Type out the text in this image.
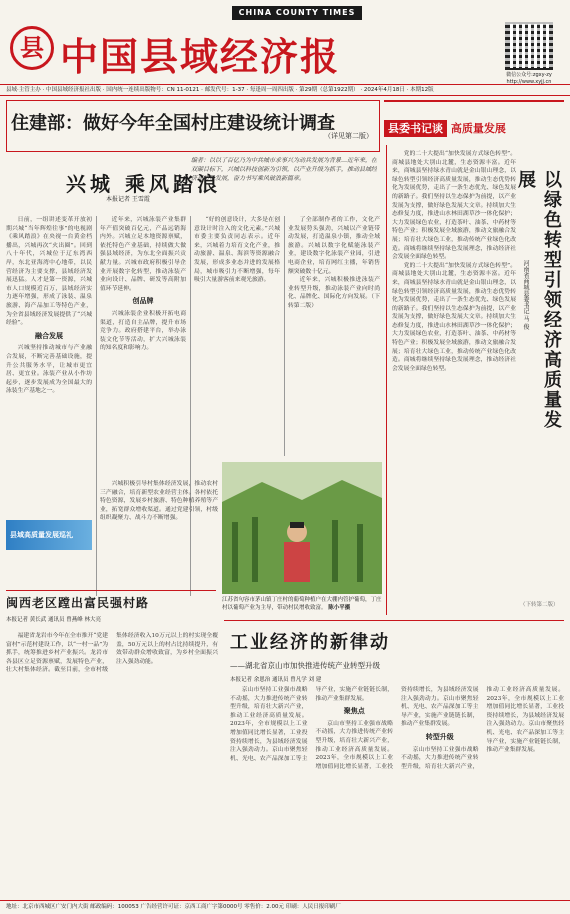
CHINA COUNTY TIMES
县 中国县域经济报	微信公众号:zgxy-zy
http://www.xyjj.cn
县域·主管主办 · 中国县域经济报社出版 · 国内统一连续出版物号：CN 11-0121 · 邮发代号：1-37 · 每逢周一周四出版 · 第29期（总第1922期） · 2024年4月18日 · 本期12版
住建部：做好今年全国村庄建设统计调查
（详见第二版）
县委书记谈 高质量发展
兴城 乘风踏浪
本报记者 王雪霞
编者：以以了百亿乃为中共城市求事兴为动兵发展为背景…近年来，在双碳目标下，兴城以科技创新为引领，以产业升级为抓手，推动县域经济高质量发展，奋力书写乘风破浪新篇章。

日前，一组讲述变革开放初期兴城“当年辉煌往事”的电视剧《乘风踏浪》在央视一台黄金档播出，兴城再次“火出圈”。回到八十年代，兴城位于辽东湾西岸，东北亚海湾中心地带，以民营经济为主要支撑，县域经济发展迅猛。人才是第一资源，兴城市人口规模近百万，县域经济实力逐年增强，形成了泳装、温泉旅游、海产品加工等特色产业，为全省县域经济发展提供了“兴城经验”。

融合发展

兴城坚持推动城市与产业融合发展，不断完善基础设施，提升公共服务水平，让城市更宜居、更宜业。泳装产业从小作坊起步，逐步发展成为全国最大的泳装生产基地之一。

近年来，兴城泳装产业集群年产值突破百亿元，产品远销海内外。兴城立足本地资源禀赋，依托特色产业基础，持续做大做强县域经济，为东北全面振兴贡献力量。兴城市政府积极引导企业开展数字化转型，推动泳装产业向设计、品牌、研发等高附加值环节延伸。

创品牌

兴城泳装企业积极开拓电商渠道，打造自主品牌，提升市场竞争力。政府搭建平台，举办泳装文化节等活动，扩大兴城泳装的知名度和影响力。

“好的创意设计，大多是在创意设计时注入的文化元素。”兴城市委主要负责同志表示。近年来，兴城着力培育文化产业，推动旅游、温泉、海滨等资源融合发展，形成多业态并进的发展格局，城市吸引力不断增强，每年吸引大量游客前来观光旅游。

了全部制作者的工作，文化产业发展势头强劲，兴城以产业链带动发展，打造温泉小镇，推动全域旅游。兴城以数字化赋能泳装产业，建设数字化泳装产业园，引进电商企业，培育网红主播，年销售额突破数十亿元。

近年来，兴城积极推进泳装产业转型升级，推动泳装产业向时尚化、品牌化、国际化方向发展。（下转第二版）

县域高质量发展巡礼

兴城积极引导村集体经济发展，推动农村三产融合，培育新型农业经营主体。各村依托特色资源，发展乡村旅游、特色种植养殖等产业，拓宽群众增收渠道。通过党建引领，村级组织凝聚力、战斗力不断增强。

江苏省句容市茅山镇丁庄村的葡萄种植户在大棚内管护葡萄，丁庄村以葡萄产业为主导，带动村民增收致富。 陈小平摄
闽西老区蹚出富民强村路
本报记者 黄长武 通讯员 曾燕峰 林大亮

福建省龙岩市今年在全市推开“党建富村”示范村建设工作，以“一村一品”为抓手，统筹推进乡村产业振兴。龙岩市各县区立足资源禀赋，发展特色产业，壮大村集体经济。截至目前，全市村级集体经济收入10万元以上的村实现全覆盖，50万元以上的村占比持续提升，有效带动群众增收致富，为乡村全面振兴注入强劲动能。

工业经济的新律动
——湖北省京山市加快推进传统产业转型升级
本报记者 余恩治 通讯员 曾凡学 刘 建

京山市坚持工业强市战略不动摇，大力推进传统产业转型升级，培育壮大新兴产业，推动工业经济高质量发展。2023年，全市规模以上工业增加值同比增长显著，工业投资持续增长，为县域经济发展注入强劲动力。京山市聚焦轻机、光电、农产品深加工等主导产业，实施产业链链长制，推动产业集群发展。

聚焦点

京山市坚持工业强市战略不动摇，大力推进传统产业转型升级，培育壮大新兴产业，推动工业经济高质量发展。2023年，全市规模以上工业增加值同比增长显著，工业投资持续增长，为县域经济发展注入强劲动力。京山市聚焦轻机、光电、农产品深加工等主导产业，实施产业链链长制，推动产业集群发展。

转型升级

京山市坚持工业强市战略不动摇，大力推进传统产业转型升级，培育壮大新兴产业，推动工业经济高质量发展。2023年，全市规模以上工业增加值同比增长显著，工业投资持续增长，为县域经济发展注入强劲动力。京山市聚焦轻机、光电、农产品深加工等主导产业，实施产业链链长制，推动产业集群发展。

党的二十大提出“加快发展方式绿色转型”。商城县地处大别山北麓，生态资源丰富。近年来，商城县坚持绿水青山就是金山银山理念，以绿色转型引领经济高质量发展，推动生态优势转化为发展优势，走出了一条生态优先、绿色发展的新路子。我们坚持以生态保护为前提，以产业发展为支撑，做好绿色发展大文章。持续加大生态修复力度，推进山水林田湖草沙一体化保护；大力发展绿色农业，打造茶叶、油茶、中药材等特色产业；积极发展全域旅游，推动文旅融合发展；培育壮大绿色工业，推动传统产业绿色化改造。商城将继续坚持绿色发展理念，推动经济社会发展全面绿色转型。

党的二十大提出“加快发展方式绿色转型”。商城县地处大别山北麓，生态资源丰富。近年来，商城县坚持绿水青山就是金山银山理念，以绿色转型引领经济高质量发展，推动生态优势转化为发展优势，走出了一条生态优先、绿色发展的新路子。我们坚持以生态保护为前提，以产业发展为支撑，做好绿色发展大文章。持续加大生态修复力度，推进山水林田湖草沙一体化保护；大力发展绿色农业，打造茶叶、油茶、中药材等特色产业；积极发展全域旅游，推动文旅融合发展；培育壮大绿色工业，推动传统产业绿色化改造。商城将继续坚持绿色发展理念，推动经济社会发展全面绿色转型。	以绿色转型引领经济高质量发展
河南省商城县委书记 马 俊
（下转第二版）
地址：北京市西城区广安门内大街 邮政编码：100053 广告经营许可证：京西工商广字第0000号 零售价：2.00元 印刷：人民日报印刷厂
